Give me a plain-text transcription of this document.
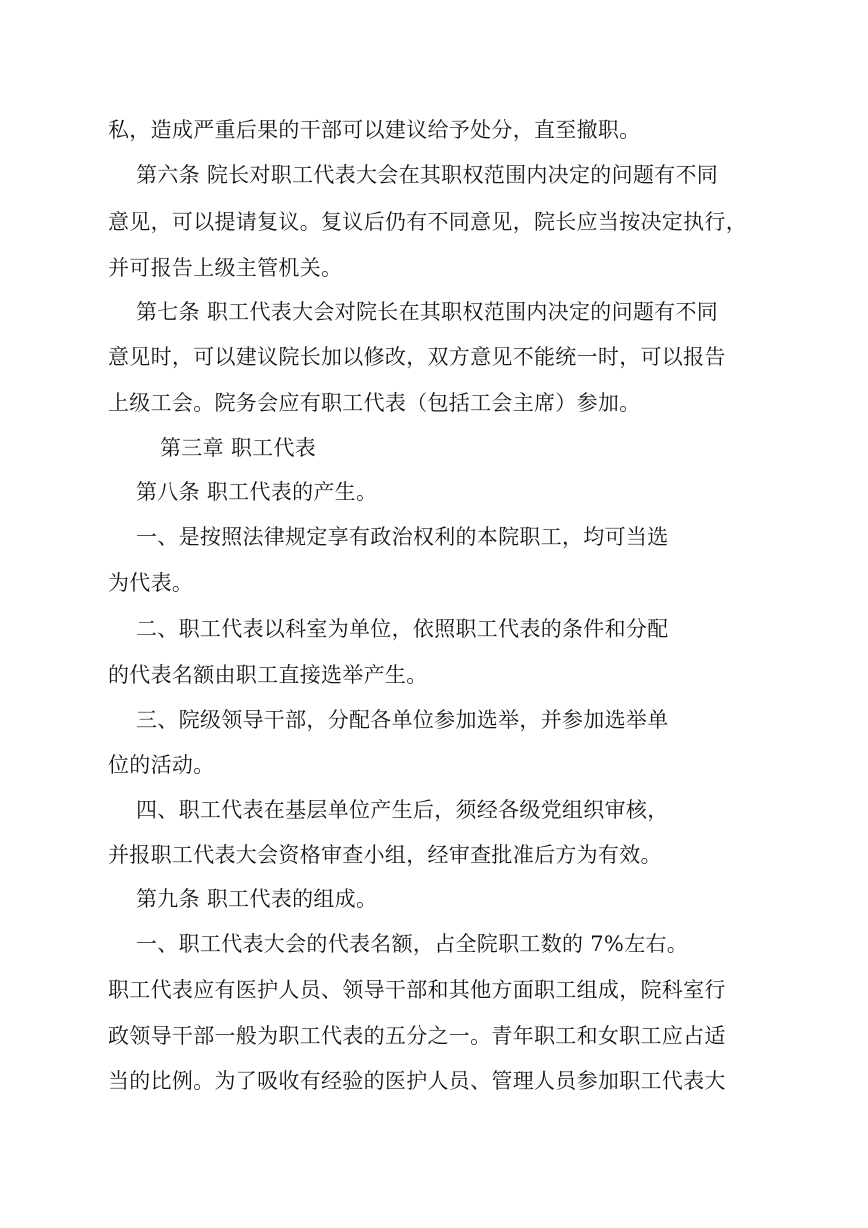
私，造成严重后果的干部可以建议给予处分，直至撤职。
第六条 院长对职工代表大会在其职权范围内决定的问题有不同
意见，可以提请复议。复议后仍有不同意见，院长应当按决定执行，
并可报告上级主管机关。
第七条 职工代表大会对院长在其职权范围内决定的问题有不同
意见时，可以建议院长加以修改，双方意见不能统一时，可以报告
上级工会。院务会应有职工代表（包括工会主席）参加。
第三章 职工代表
第八条 职工代表的产生。
一、是按照法律规定享有政治权利的本院职工，均可当选
为代表。
二、职工代表以科室为单位，依照职工代表的条件和分配
的代表名额由职工直接选举产生。
三、院级领导干部，分配各单位参加选举，并参加选举单
位的活动。
四、职工代表在基层单位产生后，须经各级党组织审核，
并报职工代表大会资格审查小组，经审查批准后方为有效。
第九条 职工代表的组成。
一、职工代表大会的代表名额，占全院职工数的 7%左右。
职工代表应有医护人员、领导干部和其他方面职工组成，院科室行
政领导干部一般为职工代表的五分之一。青年职工和女职工应占适
当的比例。为了吸收有经验的医护人员、管理人员参加职工代表大
